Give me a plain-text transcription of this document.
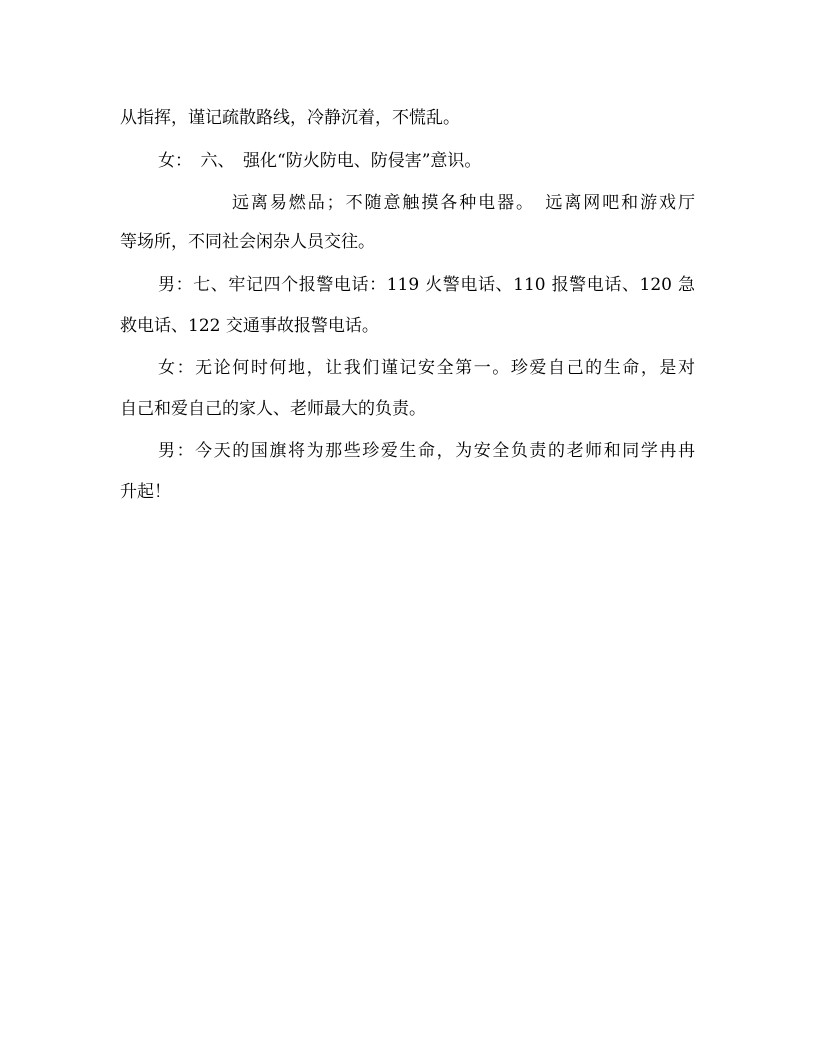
从指挥，谨记疏散路线，冷静沉着，不慌乱。

女：　六、　强化“防火防电、防侵害”意识。

远离易燃品；不随意触摸各种电器。　远离网吧和游戏厅

等场所，不同社会闲杂人员交往。

男：七、牢记四个报警电话：119 火警电话、110 报警电话、120 急

救电话、122 交通事故报警电话。

女：无论何时何地，让我们谨记安全第一。珍爱自己的生命，是对

自己和爱自己的家人、老师最大的负责。

男：今天的国旗将为那些珍爱生命，为安全负责的老师和同学冉冉

升起！
